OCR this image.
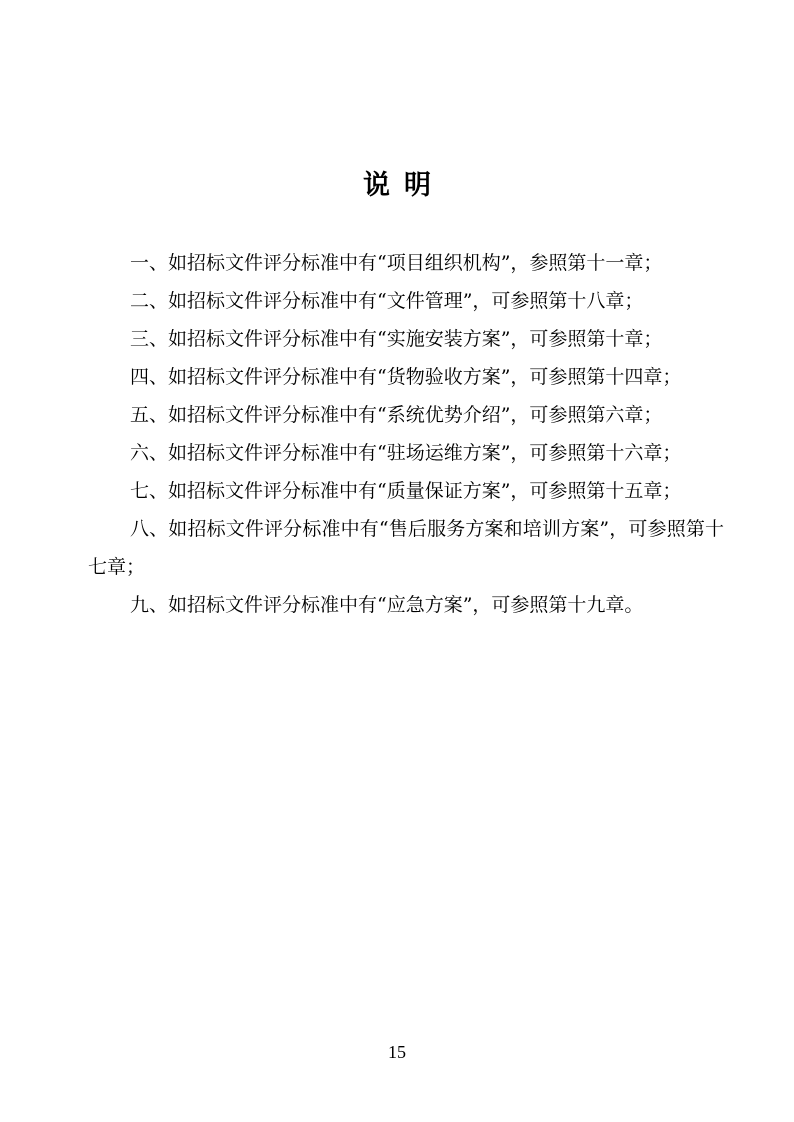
说明

一、如招标文件评分标准中有“项目组织机构”，参照第十一章；

二、如招标文件评分标准中有“文件管理”，可参照第十八章；

三、如招标文件评分标准中有“实施安装方案”，可参照第十章；

四、如招标文件评分标准中有“货物验收方案”，可参照第十四章；

五、如招标文件评分标准中有“系统优势介绍”，可参照第六章；

六、如招标文件评分标准中有“驻场运维方案”，可参照第十六章；

七、如招标文件评分标准中有“质量保证方案”，可参照第十五章；

八、如招标文件评分标准中有“售后服务方案和培训方案”，可参照第十七章；

九、如招标文件评分标准中有“应急方案”，可参照第十九章。

15
